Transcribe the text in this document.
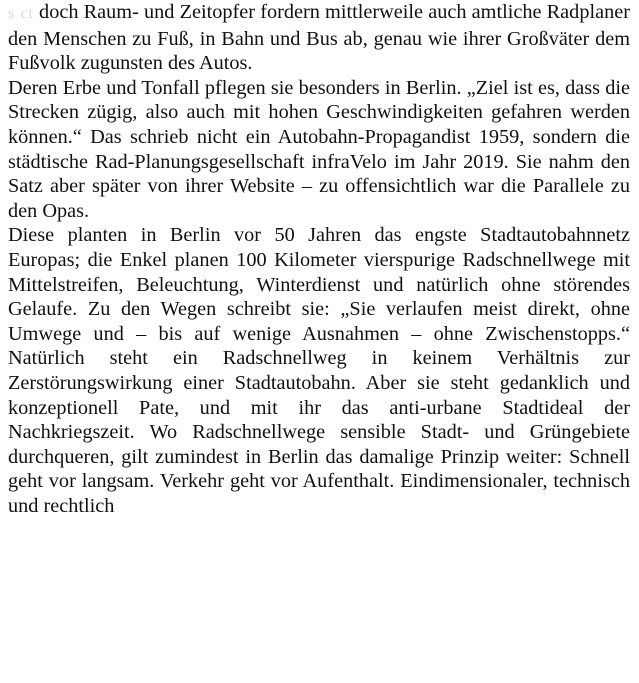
s ct doch Raum- und Zeitopfer fordern mittlerweile auch amtliche Radplaner den Menschen zu Fuß, in Bahn und Bus ab, genau wie ihrer Großväter dem Fußvolk zugunsten des Autos.

Deren Erbe und Tonfall pflegen sie besonders in Berlin. „Ziel ist es, dass die Strecken zügig, also auch mit hohen Geschwindigkeiten gefahren werden können.“ Das schrieb nicht ein Autobahn-Propagandist 1959, sondern die städtische Rad-Planungsgesellschaft infraVelo im Jahr 2019. Sie nahm den Satz aber später von ihrer Website – zu offensichtlich war die Parallele zu den Opas.

Diese planten in Berlin vor 50 Jahren das engste Stadtautobahnnetz Europas; die Enkel planen 100 Kilometer vierspurige Radschnellwege mit Mittelstreifen, Beleuchtung, Winterdienst und natürlich ohne störendes Gelaufe. Zu den Wegen schreibt sie: „Sie verlaufen meist direkt, ohne Umwege und – bis auf wenige Ausnahmen – ohne Zwischenstopps.“ Natürlich steht ein Radschnellweg in keinem Verhältnis zur Zerstörungswirkung einer Stadtautobahn. Aber sie steht gedanklich und konzeptionell Pate, und mit ihr das anti-urbane Stadtideal der Nachkriegszeit. Wo Radschnellwege sensible Stadt- und Grüngebiete durchqueren, gilt zumindest in Berlin das damalige Prinzip weiter: Schnell geht vor langsam. Verkehr geht vor Aufenthalt. Eindimensionaler, technisch und rechtlich
